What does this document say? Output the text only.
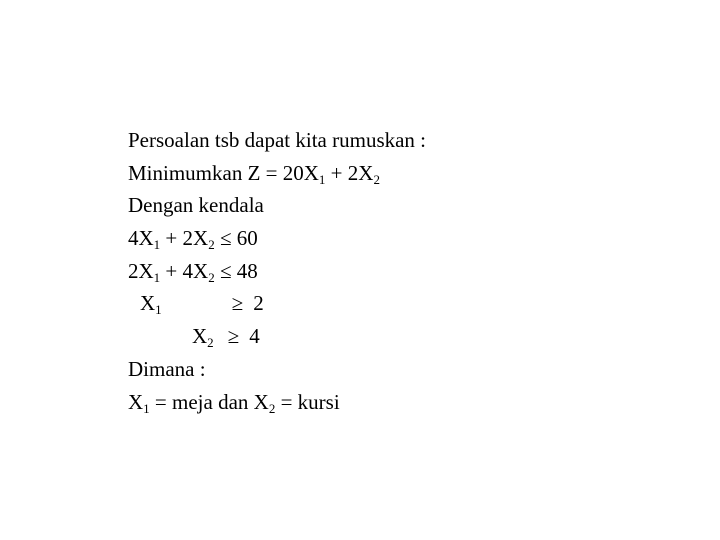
Persoalan tsb dapat kita rumuskan :
Minimumkan $Z = 20X_1 + 2X_2$
Dengan kendala
$4X_1 + 2X_2 \le 60$
$2X_1 + 4X_2 \le 48$
$X_1$	≥ 2
$X_2 \ge 4$
Dimana :
$X_1$ = meja dan $X_2$ = kursi
